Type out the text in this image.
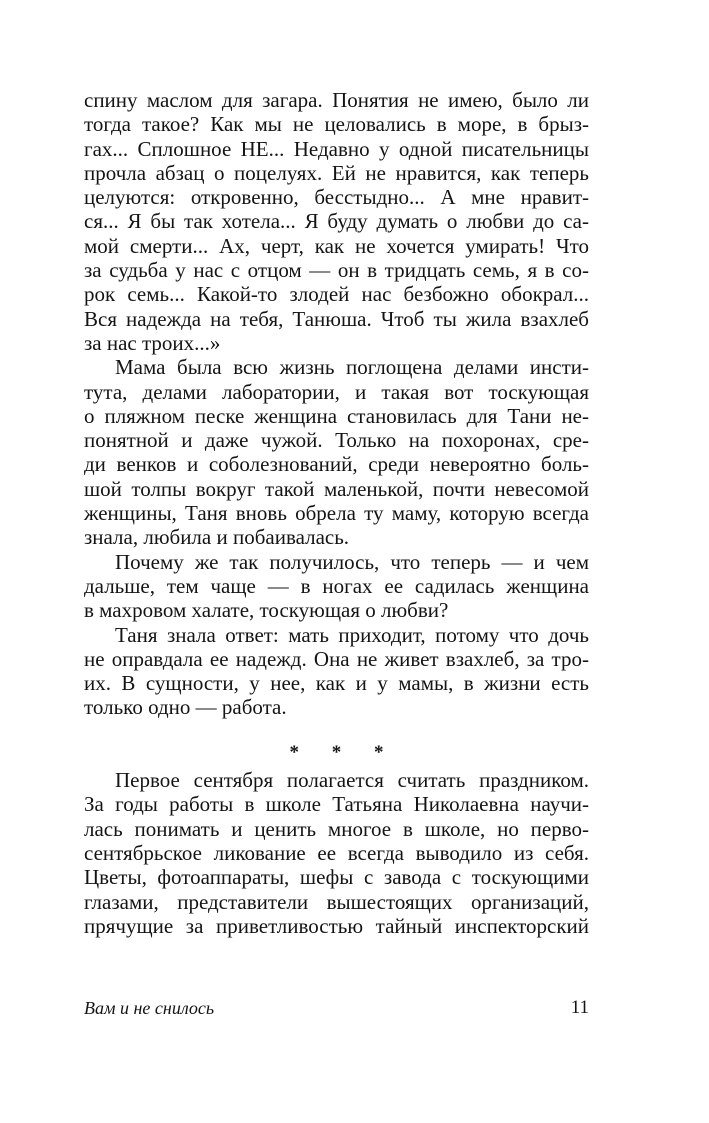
спину маслом для загара. Понятия не имею, было ли
тогда такое? Как мы не целовались в море, в брыз-
гах... Сплошное НЕ... Недавно у одной писательницы
прочла абзац о поцелуях. Ей не нравится, как теперь
целуются: откровенно, бесстыдно... А мне нравит-
ся... Я бы так хотела... Я буду думать о любви до са-
мой смерти... Ах, черт, как не хочется умирать! Что
за судьба у нас с отцом — он в тридцать семь, я в со-
рок семь... Какой-то злодей нас безбожно обокрал...
Вся надежда на тебя, Танюша. Чтоб ты жила взахлеб
за нас троих...»
Мама была всю жизнь поглощена делами инсти-
тута, делами лаборатории, и такая вот тоскующая
о пляжном песке женщина становилась для Тани не-
понятной и даже чужой. Только на похоронах, сре-
ди венков и соболезнований, среди невероятно боль-
шой толпы вокруг такой маленькой, почти невесомой
женщины, Таня вновь обрела ту маму, которую всегда
знала, любила и побаивалась.
Почему же так получилось, что теперь — и чем
дальше, тем чаще — в ногах ее садилась женщина
в махровом халате, тоскующая о любви?
Таня знала ответ: мать приходит, потому что дочь
не оправдала ее надежд. Она не живет взахлеб, за тро-
их. В сущности, у нее, как и у мамы, в жизни есть
только одно — работа.
* * *
Первое сентября полагается считать праздником.
За годы работы в школе Татьяна Николаевна научи-
лась понимать и ценить многое в школе, но перво-
сентябрьское ликование ее всегда выводило из себя.
Цветы, фотоаппараты, шефы с завода с тоскующими
глазами, представители вышестоящих организаций,
прячущие за приветливостью тайный инспекторский
Вам и не снилось	11
